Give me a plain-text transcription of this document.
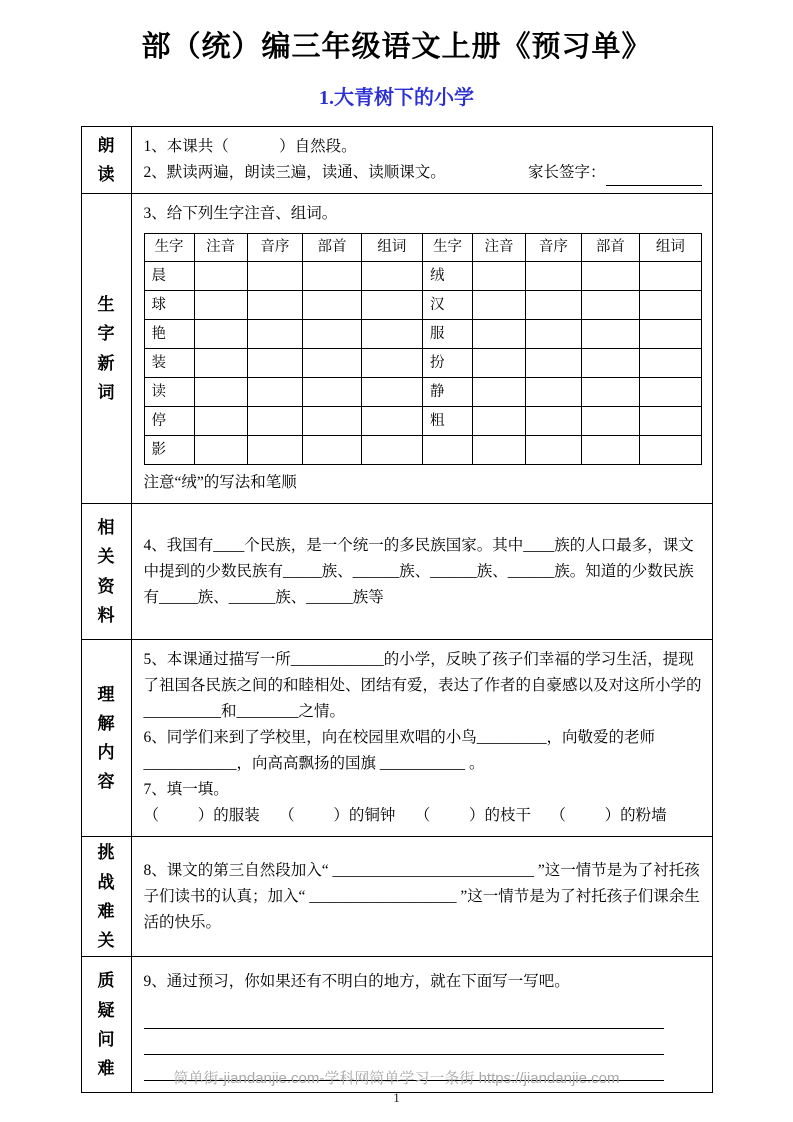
部（统）编三年级语文上册《预习单》
1.大青树下的小学
朗读

1、本课共（             ）自然段。
2、默读两遍，朗读三遍，读通、读顺课文。	家长签字：

生字新词

3、给下列生字注音、组词。
生字	注音	音序	部首	组词	生字	注音	音序	部首	组词
晨					绒				
球					汉				
艳					服				
装					扮				
读					静				
停					粗				
影									
注意“绒”的写法和笔顺

相关资料

4、我国有____个民族，是一个统一的多民族国家。其中____族的人口最多，课文中提到的少数民族有_____族、______族、______族、______族。知道的少数民族有_____族、______族、______族等

理解内容

5、本课通过描写一所____________的小学，反映了孩子们幸福的学习生活，提现了祖国各民族之间的和睦相处、团结有爱，表达了作者的自豪感以及对这所小学的__________和________之情。
6、同学们来到了学校里，向在校园里欢唱的小鸟_________，向敬爱的老师____________，向高高飘扬的国旗 ___________ 。
7、填一填。
（          ）的服装     （          ）的铜钟     （          ）的枝干     （          ）的粉墙

挑战难关

8、课文的第三自然段加入“ __________________________ ”这一情节是为了衬托孩子们读书的认真；加入“ ___________________ ”这一情节是为了衬托孩子们课余生活的快乐。

质疑问难

9、通过预习，你如果还有不明白的地方，就在下面写一写吧。
简单街-jiandanjie.com-学科网简单学习一条街 https://jiandanjie.com
1
